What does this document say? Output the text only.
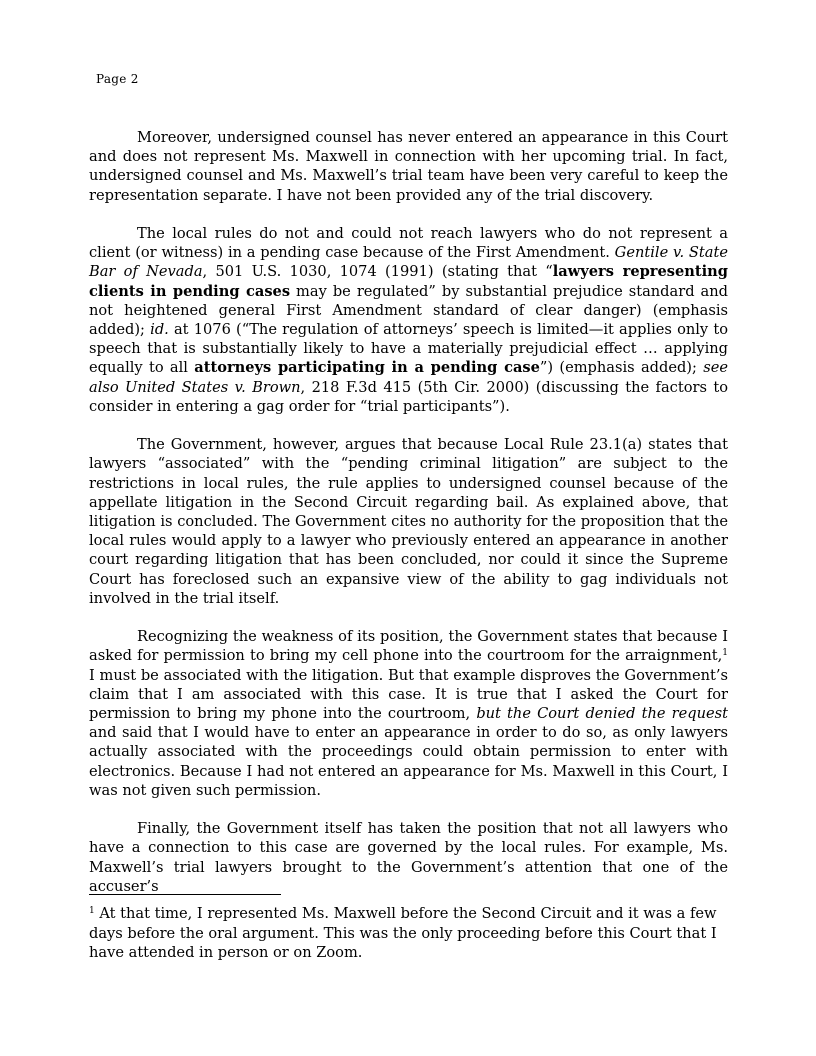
Page 2

Moreover, undersigned counsel has never entered an appearance in this Court and does not represent Ms. Maxwell in connection with her upcoming trial. In fact, undersigned counsel and Ms. Maxwell’s trial team have been very careful to keep the representation separate. I have not been provided any of the trial discovery.

The local rules do not and could not reach lawyers who do not represent a client (or witness) in a pending case because of the First Amendment. Gentile v. State Bar of Nevada, 501 U.S. 1030, 1074 (1991) (stating that “lawyers representing clients in pending cases may be regulated” by substantial prejudice standard and not heightened general First Amendment standard of clear danger) (emphasis added); id. at 1076 (“The regulation of attorneys’ speech is limited—it applies only to speech that is substantially likely to have a materially prejudicial effect … applying equally to all attorneys participating in a pending case”) (emphasis added); see also United States v. Brown, 218 F.3d 415 (5th Cir. 2000) (discussing the factors to consider in entering a gag order for “trial participants”).

The Government, however, argues that because Local Rule 23.1(a) states that lawyers “associated” with the “pending criminal litigation” are subject to the restrictions in local rules, the rule applies to undersigned counsel because of the appellate litigation in the Second Circuit regarding bail. As explained above, that litigation is concluded. The Government cites no authority for the proposition that the local rules would apply to a lawyer who previously entered an appearance in another court regarding litigation that has been concluded, nor could it since the Supreme Court has foreclosed such an expansive view of the ability to gag individuals not involved in the trial itself.

Recognizing the weakness of its position, the Government states that because I asked for permission to bring my cell phone into the courtroom for the arraignment,$^1$ I must be associated with the litigation. But that example disproves the Government’s claim that I am associated with this case. It is true that I asked the Court for permission to bring my phone into the courtroom, but the Court denied the request and said that I would have to enter an appearance in order to do so, as only lawyers actually associated with the proceedings could obtain permission to enter with electronics. Because I had not entered an appearance for Ms. Maxwell in this Court, I was not given such permission.

Finally, the Government itself has taken the position that not all lawyers who have a connection to this case are governed by the local rules. For example, Ms. Maxwell’s trial lawyers brought to the Government’s attention that one of the accuser’s

$^1$ At that time, I represented Ms. Maxwell before the Second Circuit and it was a few days before the oral argument. This was the only proceeding before this Court that I have attended in person or on Zoom.
